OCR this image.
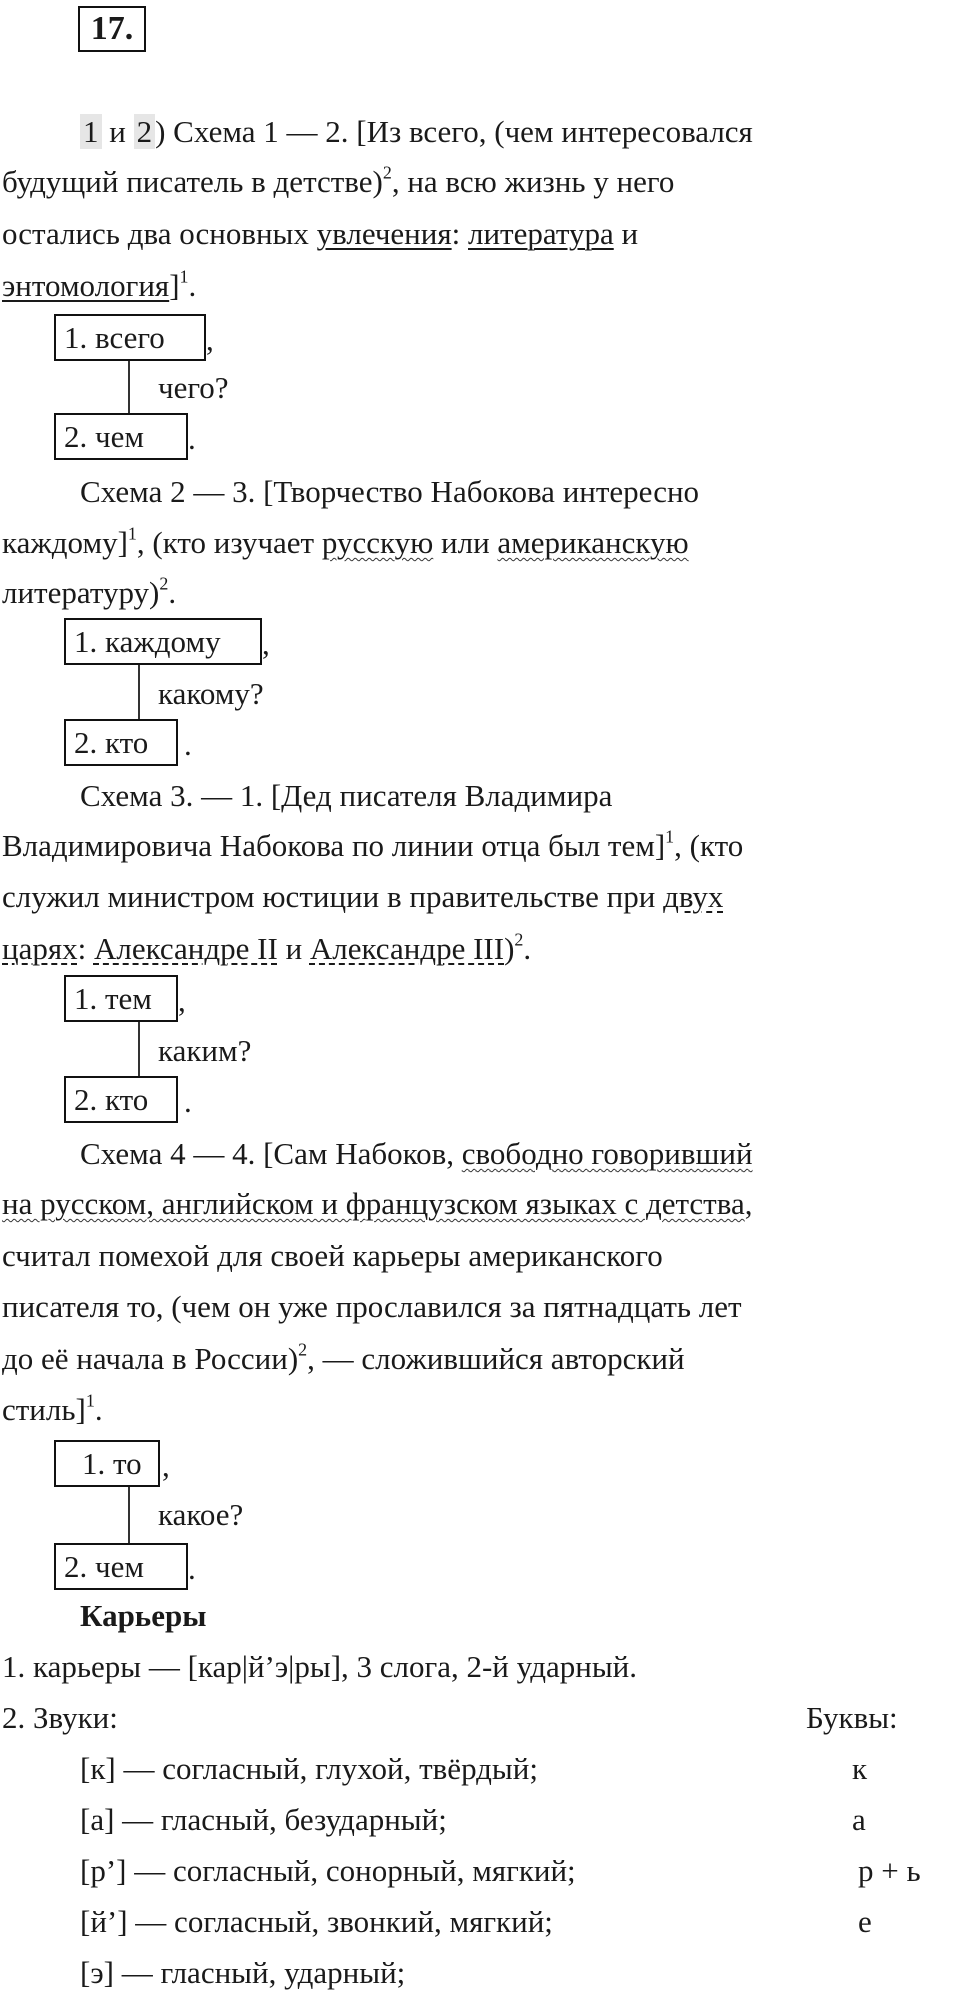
17.
1 и 2) Схема 1 — 2. [Из всего, (чем интересовался
будущий писатель в детстве)$^2$, на всю жизнь у него
остались два основных увлечения: литература и
энтомология]$^1$.
1. всего	,
чего?
2. чем	.
Схема 2 — 3. [Творчество Набокова интересно
каждому]$^1$, (кто изучает русскую или американскую
литературу)$^2$.
1. каждому	,
какому?
2. кто	.
Схема 3. — 1. [Дед писателя Владимира
Владимировича Набокова по линии отца был тем]$^1$, (кто
служил министром юстиции в правительстве при двух
царях: Александре II и Александре III)$^2$.
1. тем ,
каким?
2. кто	.
Схема 4 — 4. [Сам Набоков, свободно говоривший
на русском, английском и французском языках с детства,
считал помехой для своей карьеры американского
писателя то, (чем он уже прославился за пятнадцать лет
до её начала в России)$^2$, — сложившийся авторский
стиль]$^1$.
1. то ,
какое?
2. чем	.
Карьеры
1. карьеры — [кар|й’э|ры], 3 слога, 2-й ударный.
2. Звуки:	Буквы:
[к] — согласный, глухой, твёрдый;	к
[а] — гласный, безударный;	а
[р’] — согласный, сонорный, мягкий;	р + ь
[й’] — согласный, звонкий, мягкий;	е
[э] — гласный, ударный;
